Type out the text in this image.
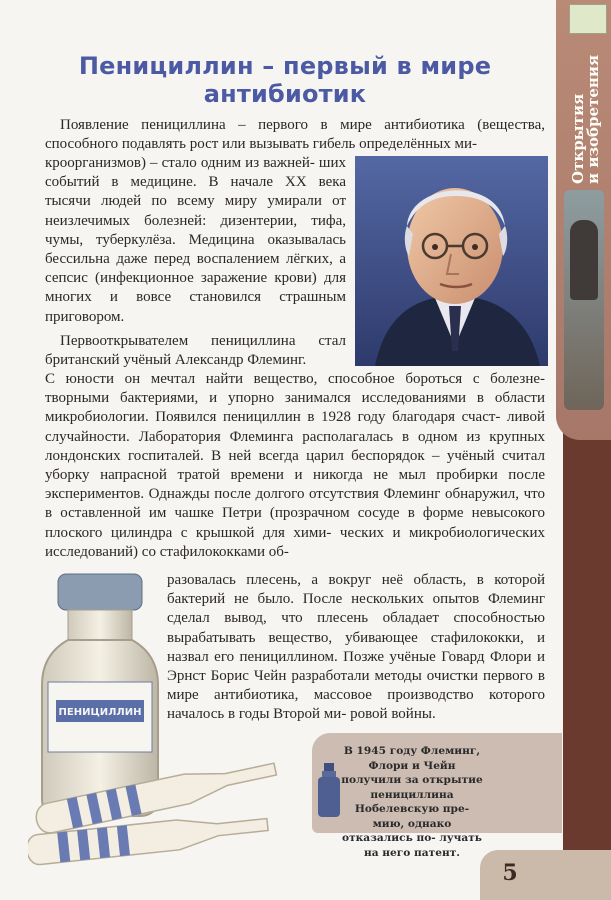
Открытия
и изобретения
Пенициллин – первый в мире
антибиотик

Появление пенициллина – первого в мире антибиотика (вещества, способного подавлять рост или вызывать гибель определённых ми-

кроорганизмов) – стало одним из важней- ших событий в медицине. В начале XX века тысячи людей по всему миру умирали от неизлечимых болезней: дизентерии, тифа, чумы, туберкулёза. Медицина оказывалась бессильна даже перед воспалением лёгких, а сепсис (инфекционное заражение крови) для многих и вовсе становился страшным приговором.

Первооткрывателем пенициллина стал британский учёный Александр Флеминг.

С юности он мечтал найти вещество, способное бороться с болезне- творными бактериями, и упорно занимался исследованиями в области микробиологии. Появился пенициллин в 1928 году благодаря счаст- ливой случайности. Лаборатория Флеминга располагалась в одном из крупных лондонских госпиталей. В ней всегда царил беспорядок – учёный считал уборку напрасной тратой времени и никогда не мыл пробирки после экспериментов. Однажды после долгого отсутствия Флеминг обнаружил, что в оставленной им чашке Петри (прозрачном сосуде в форме невысокого плоского цилиндра с крышкой для хими- ческих и микробиологических исследований) со стафилококками об-

разовалась плесень, а вокруг неё область, в которой бактерий не было. После нескольких опытов Флеминг сделал вывод, что плесень обладает способностью вырабатывать вещество, убивающее стафилококки, и назвал его пенициллином. Позже учёные Говард Флори и Эрнст Борис Чейн разработали методы очистки первого в мире антибиотика, массовое производство которого началось в годы Второй ми- ровой войны.

ПЕНИЦИЛЛИН

В 1945 году Флеминг, Флори и Чейн получили за открытие пенициллина Нобелевскую пре- мию, однако отказались по- лучать на него патент.

5
